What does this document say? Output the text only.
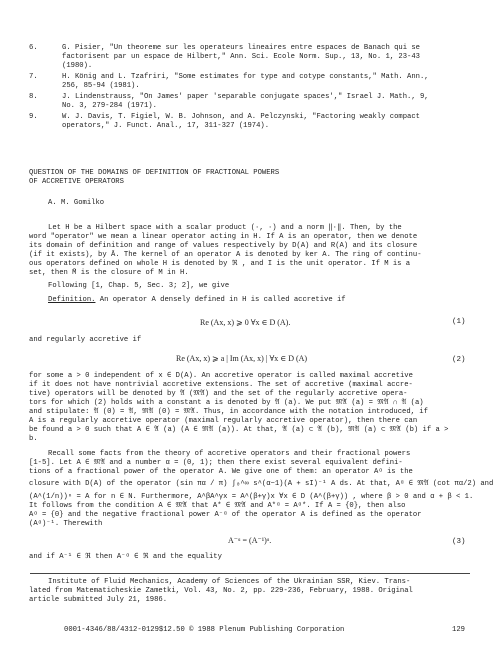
6.	G. Pisier, "Un theoreme sur les operateurs lineaires entre espaces de Banach qui se
factorisent par un espace de Hilbert," Ann. Sci. Ecole Norm. Sup., 13, No. 1, 23-43
(1980).
7.	H. König and L. Tzafriri, "Some estimates for type and cotype constants," Math. Ann.,
256, 85-94 (1981).
8.	J. Lindenstrauss, "On James' paper 'separable conjugate spaces'," Israel J. Math., 9,
No. 3, 279-284 (1971).
9.	W. J. Davis, T. Figiel, W. B. Johnson, and A. Pelczynski, "Factoring weakly compact
operators," J. Funct. Anal., 17, 311-327 (1974).
QUESTION OF THE DOMAINS OF DEFINITION OF FRACTIONAL POWERS
OF ACCRETIVE OPERATORS
A. M. Gomilko
Let H be a Hilbert space with a scalar product (·, ·) and a norm ‖·‖. Then, by the
word "operator" we mean a linear operator acting in H. If A is an operator, then we denote
its domain of definition and range of values respectively by D(A) and R(A) and its closure
(if it exists), by Ā. The kernel of an operator A is denoted by ker A. The ring of continu-
ous operators defined on whole H is denoted by ℜ , and I is the unit operator. If M is a
set, then M̄ is the closure of M in H.
Following [1, Chap. 5, Sec. 3; 2], we give
Definition. An operator A densely defined in H is called accretive if
Re (Ax, x) ⩾ 0 ∀x ∈ D (A).	(1)
and regularly accretive if
Re (Ax, x) ⩾ a | Im (Ax, x) | ∀x ∈ D (A)	(2)
for some a > 0 independent of x ∈ D(A). An accretive operator is called maximal accretive
if it does not have nontrivial accretive extensions. The set of accretive (maximal accre-
tive) operators will be denoted by 𝔄 (𝔐𝔄) and the set of the regularly accretive opera-
tors for which (2) holds with a constant a is denoted by 𝔄 (a). We put 𝔐𝔄 (a) = 𝔐𝔄 ∩ 𝔄 (a)
and stipulate: 𝔄 (0) = 𝔄, 𝔐𝔄 (0) = 𝔐𝔄. Thus, in accordance with the notation introduced, if
A is a regularly accretive operator (maximal regularly accretive operator), then there can
be found a > 0 such that A ∈ 𝔄 (a) (A ∈ 𝔐𝔄 (a)). At that, 𝔄 (a) ⊂ 𝔄 (b), 𝔐𝔄 (a) ⊂ 𝔐𝔄 (b) if a >
b.
Recall some facts from the theory of accretive operators and their fractional powers
[1-5]. Let A ∈ 𝔐𝔄 and a number α = (0, 1); then there exist several equivalent defini-
tions of a fractional power of the operator A. We give one of them: an operator Aᵅ is the
closure with D(A) of the operator (sin πα / π) ∫₀^∞ s^(α−1)(A + sI)⁻¹ A ds. At that, Aᵅ ∈ 𝔐𝔄 (cot πα/2) and
(A^(1/n))ⁿ = A for n ∈ N. Furthermore, A^βA^γx = A^(β+γ)x ∀x ∈ D (A^(β+γ)) , where β > 0 and α + β < 1.
It follows from the condition A ∈ 𝔐𝔄 that A* ∈ 𝔐𝔄 and A*ᵅ = Aᵅ*. If A = {0}, then also
Aᵅ = {0} and the negative fractional power A⁻ᵅ of the operator A is defined as the operator
(Aᵅ)⁻¹. Therewith
A⁻ᵅ = (A⁻¹)ᵅ.	(3)
and if A⁻¹ ∈ ℜ then A⁻ᵅ ∈ ℜ and the equality
Institute of Fluid Mechanics, Academy of Sciences of the Ukrainian SSR, Kiev. Trans-
lated from Matematicheskie Zametki, Vol. 43, No. 2, pp. 229-236, February, 1988. Original
article submitted July 21, 1986.
0001-4346/88/4312-0129$12.50 © 1988 Plenum Publishing Corporation	129
